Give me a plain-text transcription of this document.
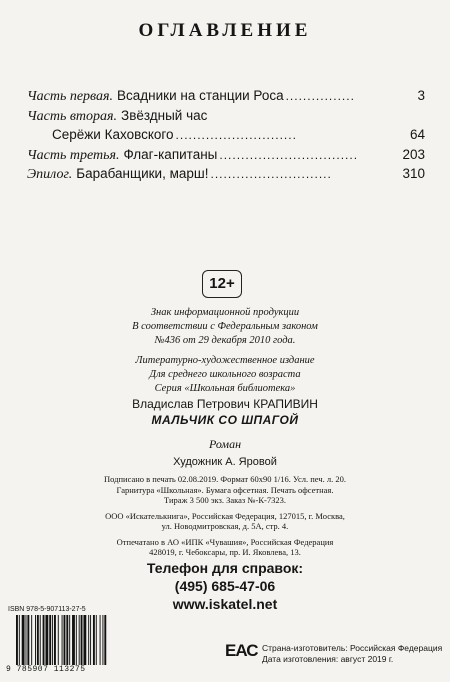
ОГЛАВЛЕНИЕ
Часть первая. Всадники на станции Роса ................	3
Часть вторая. Звёздный час
Серёжи Каховского ............................	64
Часть третья. Флаг-капитаны ................................	203
Эпилог. Барабанщики, марш! ............................	310
12+
Знак информационной продукции
В соответствии с Федеральным законом
№436 от 29 декабря 2010 года.
Литературно-художественное издание
Для среднего школьного возраста
Серия «Школьная библиотека»
Владислав Петрович КРАПИВИН
МАЛЬЧИК СО ШПАГОЙ
Роман
Художник А. Яровой
Подписано в печать 02.08.2019. Формат 60х90 1/16. Усл. печ. л. 20.
Гарнитура «Школьная». Бумага офсетная. Печать офсетная.
Тираж 3 500 экз. Заказ №-К-7323.
ООО «Искателькнига», Российская Федерация, 127015, г. Москва,
ул. Новодмитровская, д. 5А, стр. 4.
Отпечатано в АО «ИПК «Чувашия», Российская Федерация
428019, г. Чебоксары, пр. И. Яковлева, 13.
Телефон для справок:
(495) 685-47-06
www.iskatel.net
ISBN 978-5-907113-27-5
9 785907 113275
ЕАС Страна-изготовитель: Российская Федерация
Дата изготовления: август 2019 г.
